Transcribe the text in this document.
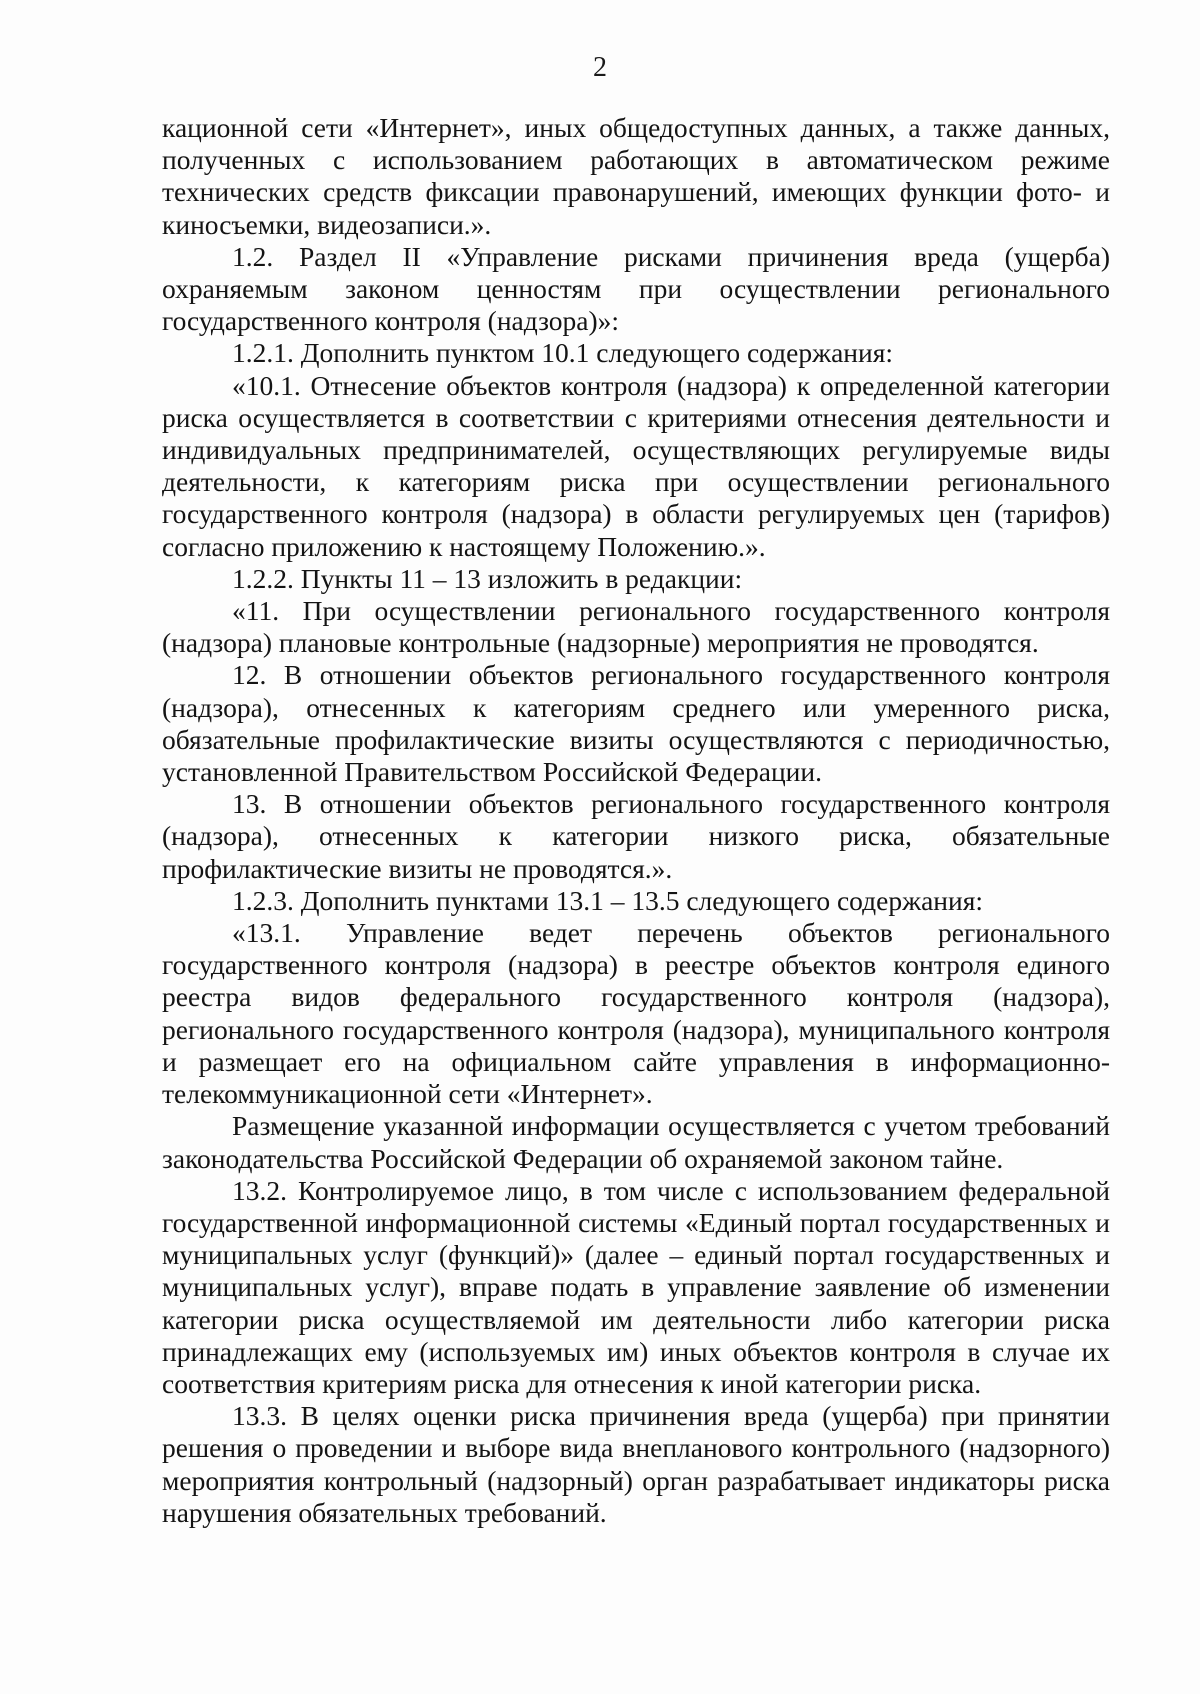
2

кационной сети «Интернет», иных общедоступных данных, а также данных, полученных с использованием работающих в автоматическом режиме технических средств фиксации правонарушений, имеющих функции фото- и киносъемки, видеозаписи.».

1.2. Раздел II «Управление рисками причинения вреда (ущерба) охраняемым законом ценностям при осуществлении регионального государственного контроля (надзора)»:

1.2.1. Дополнить пунктом 10.1 следующего содержания:

«10.1. Отнесение объектов контроля (надзора) к определенной категории риска осуществляется в соответствии с критериями отнесения деятельности и индивидуальных предпринимателей, осуществляющих регулируемые виды деятельности, к категориям риска при осуществлении регионального государственного контроля (надзора) в области регулируемых цен (тарифов) согласно приложению к настоящему Положению.».

1.2.2. Пункты 11 – 13 изложить в редакции:

«11. При осуществлении регионального государственного контроля (надзора) плановые контрольные (надзорные) мероприятия не проводятся.

12. В отношении объектов регионального государственного контроля (надзора), отнесенных к категориям среднего или умеренного риска, обязательные профилактические визиты осуществляются с периодичностью, установленной Правительством Российской Федерации.

13. В отношении объектов регионального государственного контроля (надзора), отнесенных к категории низкого риска, обязательные профилактические визиты не проводятся.».

1.2.3. Дополнить пунктами 13.1 – 13.5 следующего содержания:

«13.1. Управление ведет перечень объектов регионального государственного контроля (надзора) в реестре объектов контроля единого реестра видов федерального государственного контроля (надзора), регионального государственного контроля (надзора), муниципального контроля и размещает его на официальном сайте управления в информационно-телекоммуникационной сети «Интернет».

Размещение указанной информации осуществляется с учетом требований законодательства Российской Федерации об охраняемой законом тайне.

13.2. Контролируемое лицо, в том числе с использованием федеральной государственной информационной системы «Единый портал государственных и муниципальных услуг (функций)» (далее – единый портал государственных и муниципальных услуг), вправе подать в управление заявление об изменении категории риска осуществляемой им деятельности либо категории риска принадлежащих ему (используемых им) иных объектов контроля в случае их соответствия критериям риска для отнесения к иной категории риска.

13.3. В целях оценки риска причинения вреда (ущерба) при принятии решения о проведении и выборе вида внепланового контрольного (надзорного) мероприятия контрольный (надзорный) орган разрабатывает индикаторы риска нарушения обязательных требований.
